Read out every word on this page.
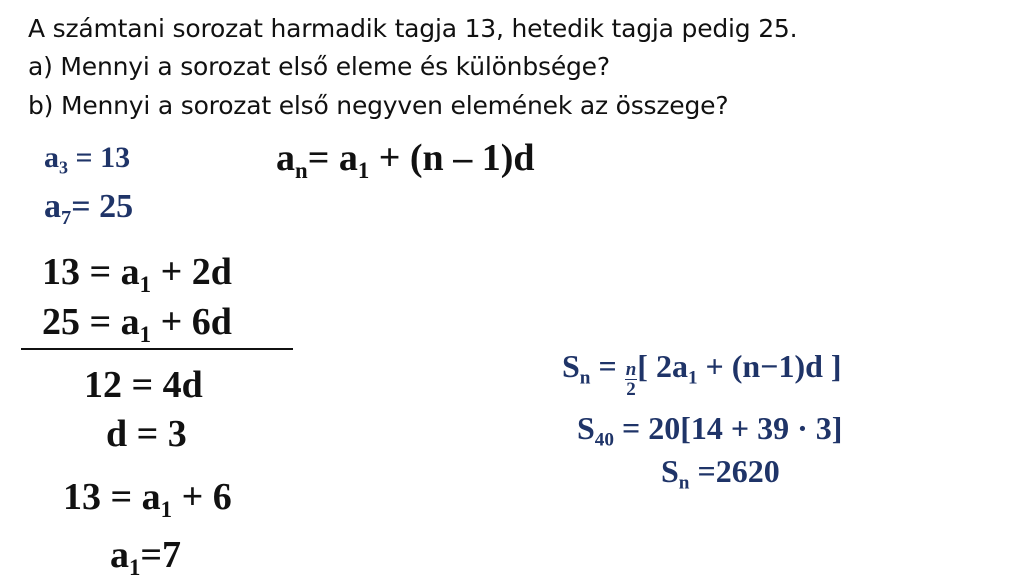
A számtani sorozat harmadik tagja 13, hetedik tagja pedig 25.
a) Mennyi a sorozat első eleme és különbsége?
b) Mennyi a sorozat első negyven elemének az összege?
$a_3 = 13$
$a_7= 25$
$a_n= a_1 + (n - 1)d$
$13 = a_1 + 2d$
$25 = a_1 + 6d$
12 = 4d
d = 3
$13 = a_1 + 6$
$a_1=7$
$S_n = \frac{n}{2}$ [ $2a_1 + (n-1)d$ ]
$S_{40} = 20[14 + 39 \cdot 3]$
$S_n =2620$
